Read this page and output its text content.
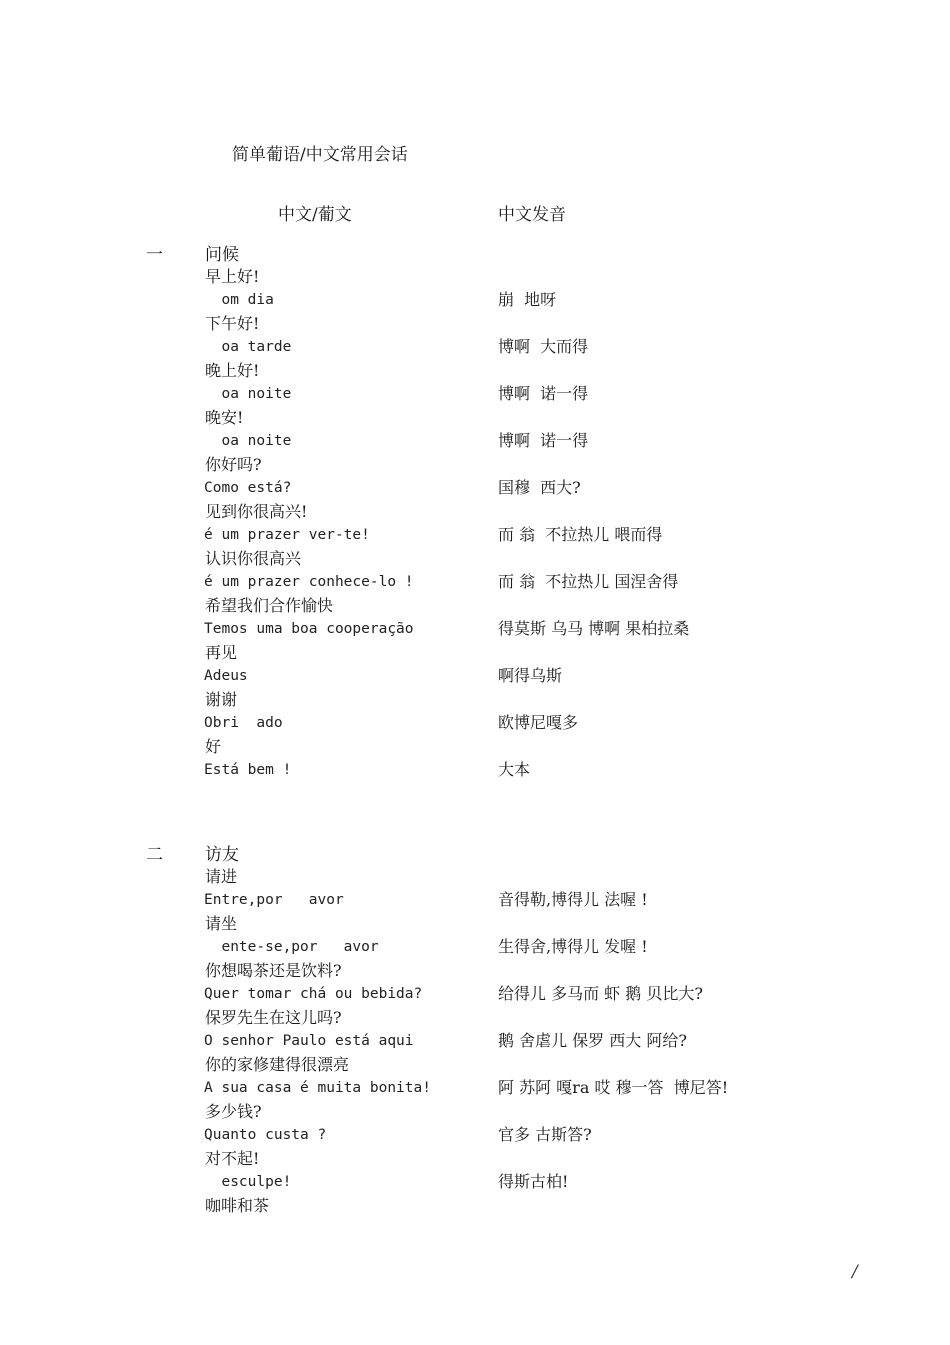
简单葡语/中文常用会话
中文/葡文	中文发音
一 问候
早上好!
om dia	崩  地呀
下午好!
oa tarde	博啊  大而得
晚上好!
oa noite	博啊  诺一得
晚安!
oa noite	博啊  诺一得
你好吗?
Como está?	国穆  西大?
见到你很高兴!
é um prazer ver-te!	而 翁  不拉热儿 喂而得
认识你很高兴
é um prazer conhece-lo !	而 翁  不拉热儿 国涅舍得
希望我们合作愉快
Temos uma boa cooperação	得莫斯 乌马 博啊 果柏拉桑
再见
Adeus	啊得乌斯
谢谢
Obri  ado	欧博尼嘎多
好
Está bem !	大本
二 访友
请进
Entre,por   avor	音得勒,博得儿 法喔 !
请坐
ente-se,por   avor	生得舍,博得儿 发喔 !
你想喝茶还是饮料?
Quer tomar chá ou bebida?	给得儿 多马而 虾 鹅 贝比大?
保罗先生在这儿吗?
O senhor Paulo está aqui	鹅 舍虐儿 保罗 西大 阿给?
你的家修建得很漂亮
A sua casa é muita bonita!	阿 苏阿 嘎ra 哎 穆一答  博尼答!
多少钱?
Quanto custa ?	官多 古斯答?
对不起!
esculpe!	得斯古柏!
咖啡和茶
/
